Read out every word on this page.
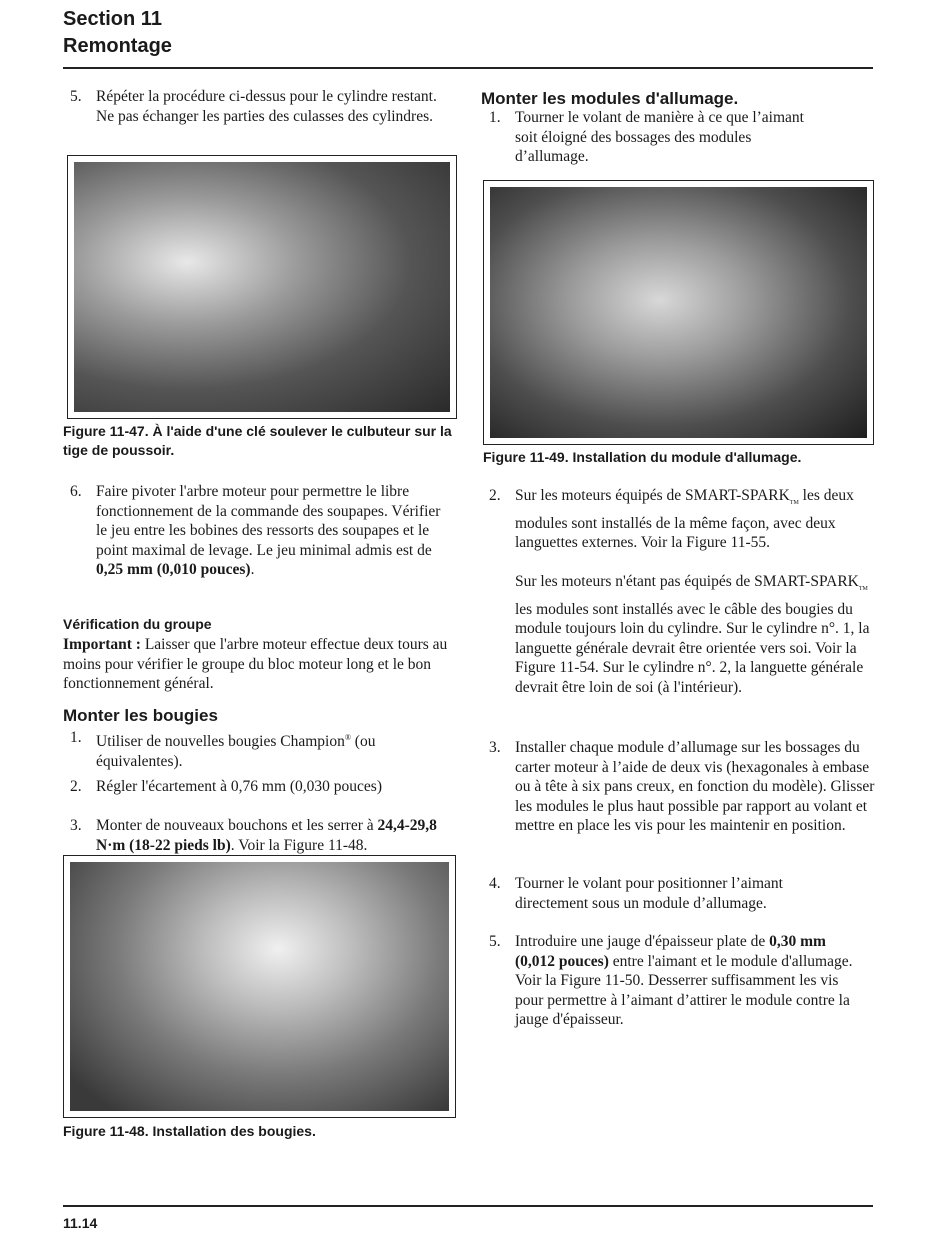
Section 11
Remontage
5. Répéter la procédure ci-dessus pour le cylindre restant. Ne pas échanger les parties des culasses des cylindres.
Figure 11-47. À l'aide d'une clé soulever le culbuteur sur la tige de poussoir.
6. Faire pivoter l'arbre moteur pour permettre le libre fonctionnement de la commande des soupapes. Vérifier le jeu entre les bobines des ressorts des soupapes et le point maximal de levage. Le jeu minimal admis est de 0,25 mm (0,010 pouces).
Vérification du groupe
Important : Laisser que l'arbre moteur effectue deux tours au moins pour vérifier le groupe du bloc moteur long et le bon fonctionnement général.
Monter les bougies
1. Utiliser de nouvelles bougies Champion® (ou équivalentes).
2. Régler l'écartement à 0,76 mm (0,030 pouces)
3. Monter de nouveaux bouchons et les serrer à 24,4-29,8 N·m (18-22 pieds lb). Voir la Figure 11-48.
Figure 11-48. Installation des bougies.
Monter les modules d'allumage.
1. Tourner le volant de manière à ce que l’aimant soit éloigné des bossages des modules d’allumage.
Figure 11-49. Installation du module d'allumage.
2. Sur les moteurs équipés de SMART-$SPARK_{TM}$ les deux modules sont installés de la même façon, avec deux languettes externes. Voir la Figure 11-55.
Sur les moteurs n'étant pas équipés de SMART-$SPARK_{TM}$ les modules sont installés avec le câble des bougies du module toujours loin du cylindre. Sur le cylindre n°. 1, la languette générale devrait être orientée vers soi. Voir la Figure 11-54. Sur le cylindre n°. 2, la languette générale devrait être loin de soi (à l'intérieur).
3. Installer chaque module d’allumage sur les bossages du carter moteur à l’aide de deux vis (hexagonales à embase ou à tête à six pans creux, en fonction du modèle). Glisser les modules le plus haut possible par rapport au volant et mettre en place les vis pour les maintenir en position.
4. Tourner le volant pour positionner l’aimant directement sous un module d’allumage.
5. Introduire une jauge d'épaisseur plate de 0,30 mm (0,012 pouces) entre l'aimant et le module d'allumage. Voir la Figure 11-50. Desserrer suffisamment les vis pour permettre à l’aimant d’attirer le module contre la jauge d'épaisseur.
11.14
